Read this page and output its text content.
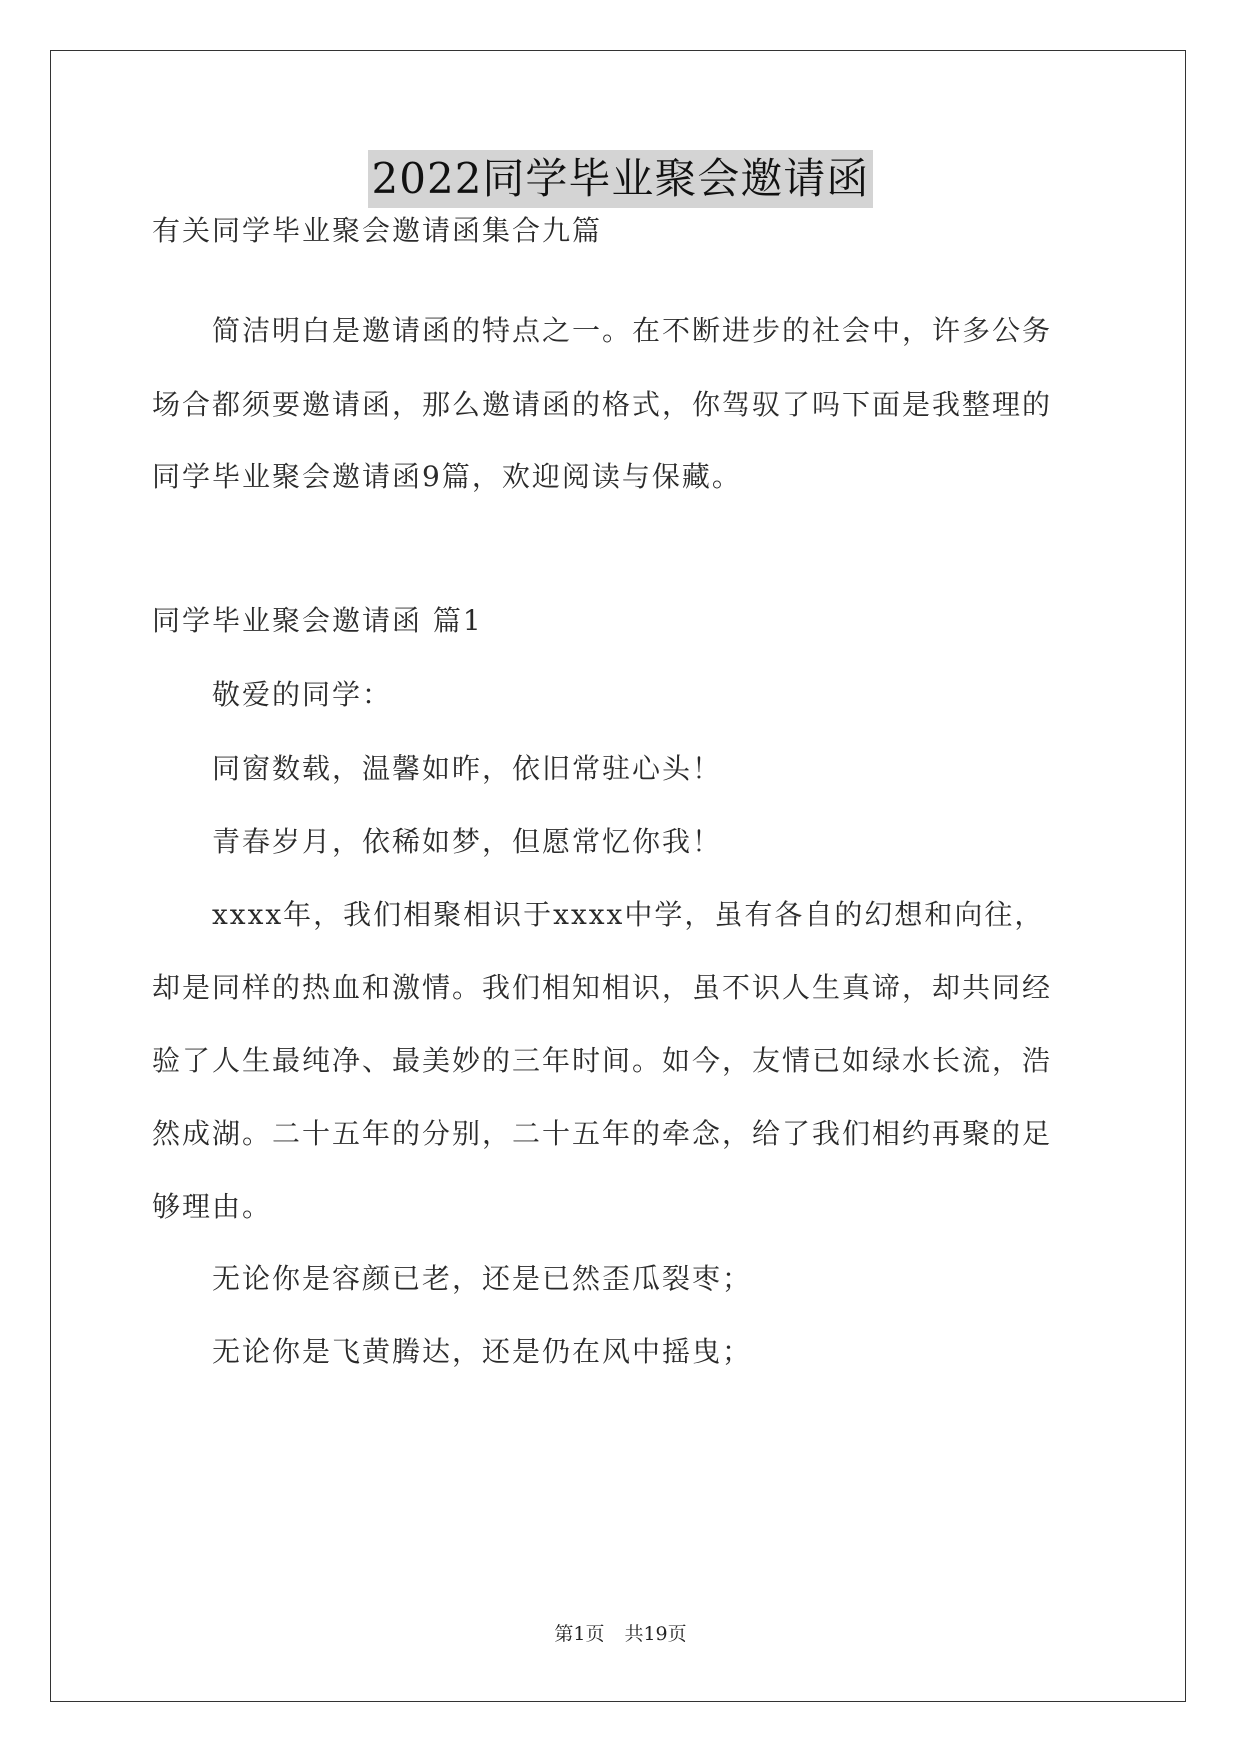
2022同学毕业聚会邀请函
有关同学毕业聚会邀请函集合九篇
简洁明白是邀请函的特点之一。在不断进步的社会中，许多公务
场合都须要邀请函，那么邀请函的格式，你驾驭了吗下面是我整理的
同学毕业聚会邀请函9篇，欢迎阅读与保藏。
同学毕业聚会邀请函 篇1
敬爱的同学：
同窗数载，温馨如昨，依旧常驻心头！
青春岁月，依稀如梦，但愿常忆你我！
xxxx年，我们相聚相识于xxxx中学，虽有各自的幻想和向往，
却是同样的热血和激情。我们相知相识，虽不识人生真谛，却共同经
验了人生最纯净、最美妙的三年时间。如今，友情已如绿水长流，浩
然成湖。二十五年的分别，二十五年的牵念，给了我们相约再聚的足
够理由。
无论你是容颜已老，还是已然歪瓜裂枣；
无论你是飞黄腾达，还是仍在风中摇曳；
第1页 共19页
